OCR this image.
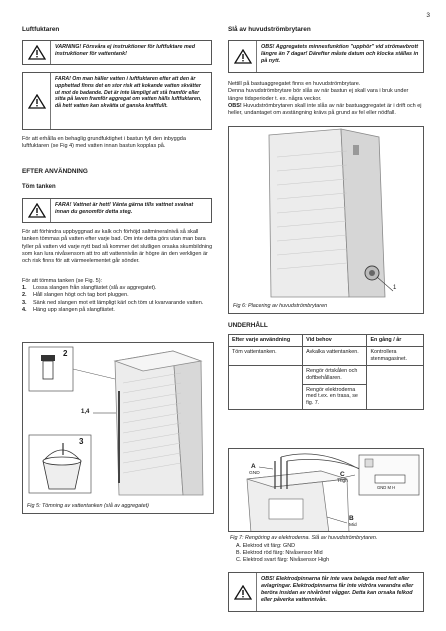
3
Luftfuktaren
VARNING! Försvåra ej instruktioner för luftfuktare med instruktioner för vattentank!
FARA! Om man häller vatten i luftfuktaren efter att den är upphettad finns det en stor risk att kokande vatten skvätter ut mot de badande. Det är inte lämpligt att stå framför eller sitta på laven framför aggregat om vatten hälls luftfuktaren, då hett vatten kan skvätta ut ganska kraftfullt.
För att erhålla en behaglig grundfuktighet i bastun fyll den inbyggda luftfuktaren (se Fig 4) med vatten innan bastun kopplas på.
EFTER ANVÄNDNING
Töm tanken
FARA! Vattnet är hett! Vänta gärna tills vattnet svalnat innan du genomför detta steg.
För att förhindra uppbyggnad av kalk och förhöjd saltmineralnivå så skall tanken tömmas på vatten efter varje bad. Om inte detta görs utan man bara fyller på vatten vid varje nytt bad så kommer det slutligen orsaka skumbildning som kan lura nivåsensorn att tro att vattennivån är högre än den verkligen är och risk finns för att värmeelementet går sönder.
För att tömma tanken (se Fig. 5):
1.	Lossa slangen från slangfästet (slå av aggregatet).
2.	Håll slangen högt och tag bort pluggen.
3.	Sänk ned slangen mot ett lämpligt kärl och töm ut kvarvarande vatten.
4.	Häng upp slangen på slangfästet.
2
1,4
3
Fig 5: Tömning av vattentanken (slå av aggregatet)
Slå av huvudströmbrytaren
OBS! Aggregatets minnesfunktion "upphör" vid strömavbrott längre än 7 dagar! Därefter måste datum och klocka ställas in på nytt.
Nettill på bastuaggregatet finns en huvudströmbrytare.
Denna huvudströmbrytare bör slås av när bastun ej skall vara i bruk under längre tidsperioder t. ex. några veckor.
OBS! Huvudströmbrytaren skall inte slås av när bastuaggregatet är i drift och ej heller, undantaget om avstängning krävs på grund av fel eller nödfall.
1
Fig 6: Placering av huvudströmbrytaren
UNDERHÅLL
Efter varje användning	Vid behov	En gång / år
Töm vattentanken.	Avkalka vattentanken.	Kontrollera stenmagasinet.
	Rengör örtskålen och doftbehållaren.	
	Rengör elektroderna med t.ex. en trasa, se fig. 7.	
A
GND	C
High
B
Mid
GND M H
Fig 7: Rengöring av elektroderna. Slå av huvudströmbrytaren.
A. Elektrod vit färg: GND
B. Elektrod röd färg: Nivåsensor Mid
C. Elektrod svart färg: Nivåsensor High
OBS! Elektrodpinnarna får inte vara belagda med fett eller avlagringar. Elektrodpinnarna får inte vidröra varandra eller beröra insidan av nivåröret vågger. Detta kan orsaka felkod eller påverka vattennivån.
